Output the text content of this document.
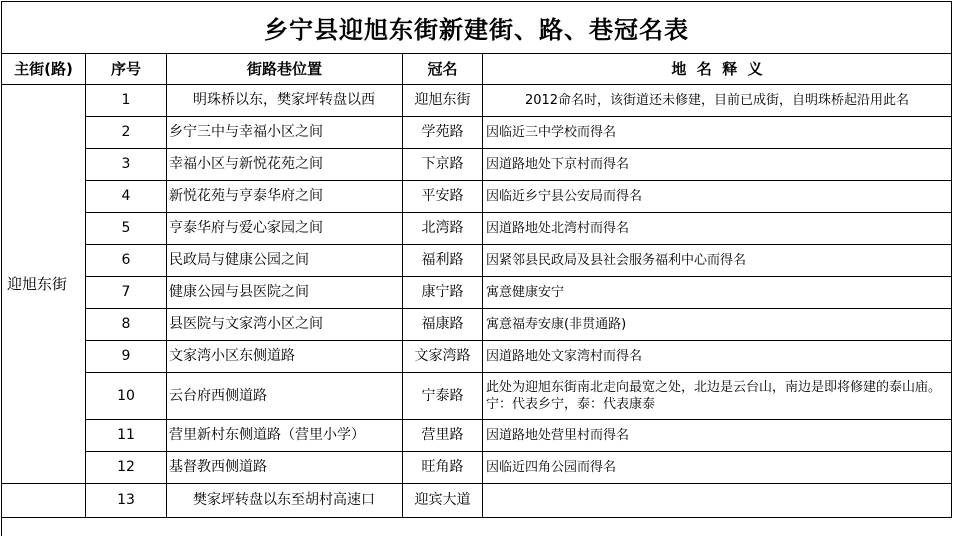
乡宁县迎旭东街新建街、路、巷冠名表
主街(路)	序号	街路巷位置	冠名	地  名  释  义
迎旭东街	1	明珠桥以东，樊家坪转盘以西	迎旭东街	2012命名时，该街道还未修建，目前已成街，自明珠桥起沿用此名
	2	乡宁三中与幸福小区之间	学苑路	因临近三中学校而得名
	3	幸福小区与新悦花苑之间	下京路	因道路地处下京村而得名
	4	新悦花苑与亨泰华府之间	平安路	因临近乡宁县公安局而得名
	5	亨泰华府与爱心家园之间	北湾路	因道路地处北湾村而得名
	6	民政局与健康公园之间	福利路	因紧邻县民政局及县社会服务福利中心而得名
	7	健康公园与县医院之间	康宁路	寓意健康安宁
	8	县医院与文家湾小区之间	福康路	寓意福寿安康(非贯通路)
	9	文家湾小区东侧道路	文家湾路	因道路地处文家湾村而得名
	10	云台府西侧道路	宁泰路	此处为迎旭东街南北走向最宽之处，北边是云台山，南边是即将修建的泰山庙。宁：代表乡宁，泰：代表康泰
	11	营里新村东侧道路（营里小学）	营里路	因道路地处营里村而得名
	12	基督教西侧道路	旺角路	因临近四角公园而得名
	13	樊家坪转盘以东至胡村高速口	迎宾大道	
